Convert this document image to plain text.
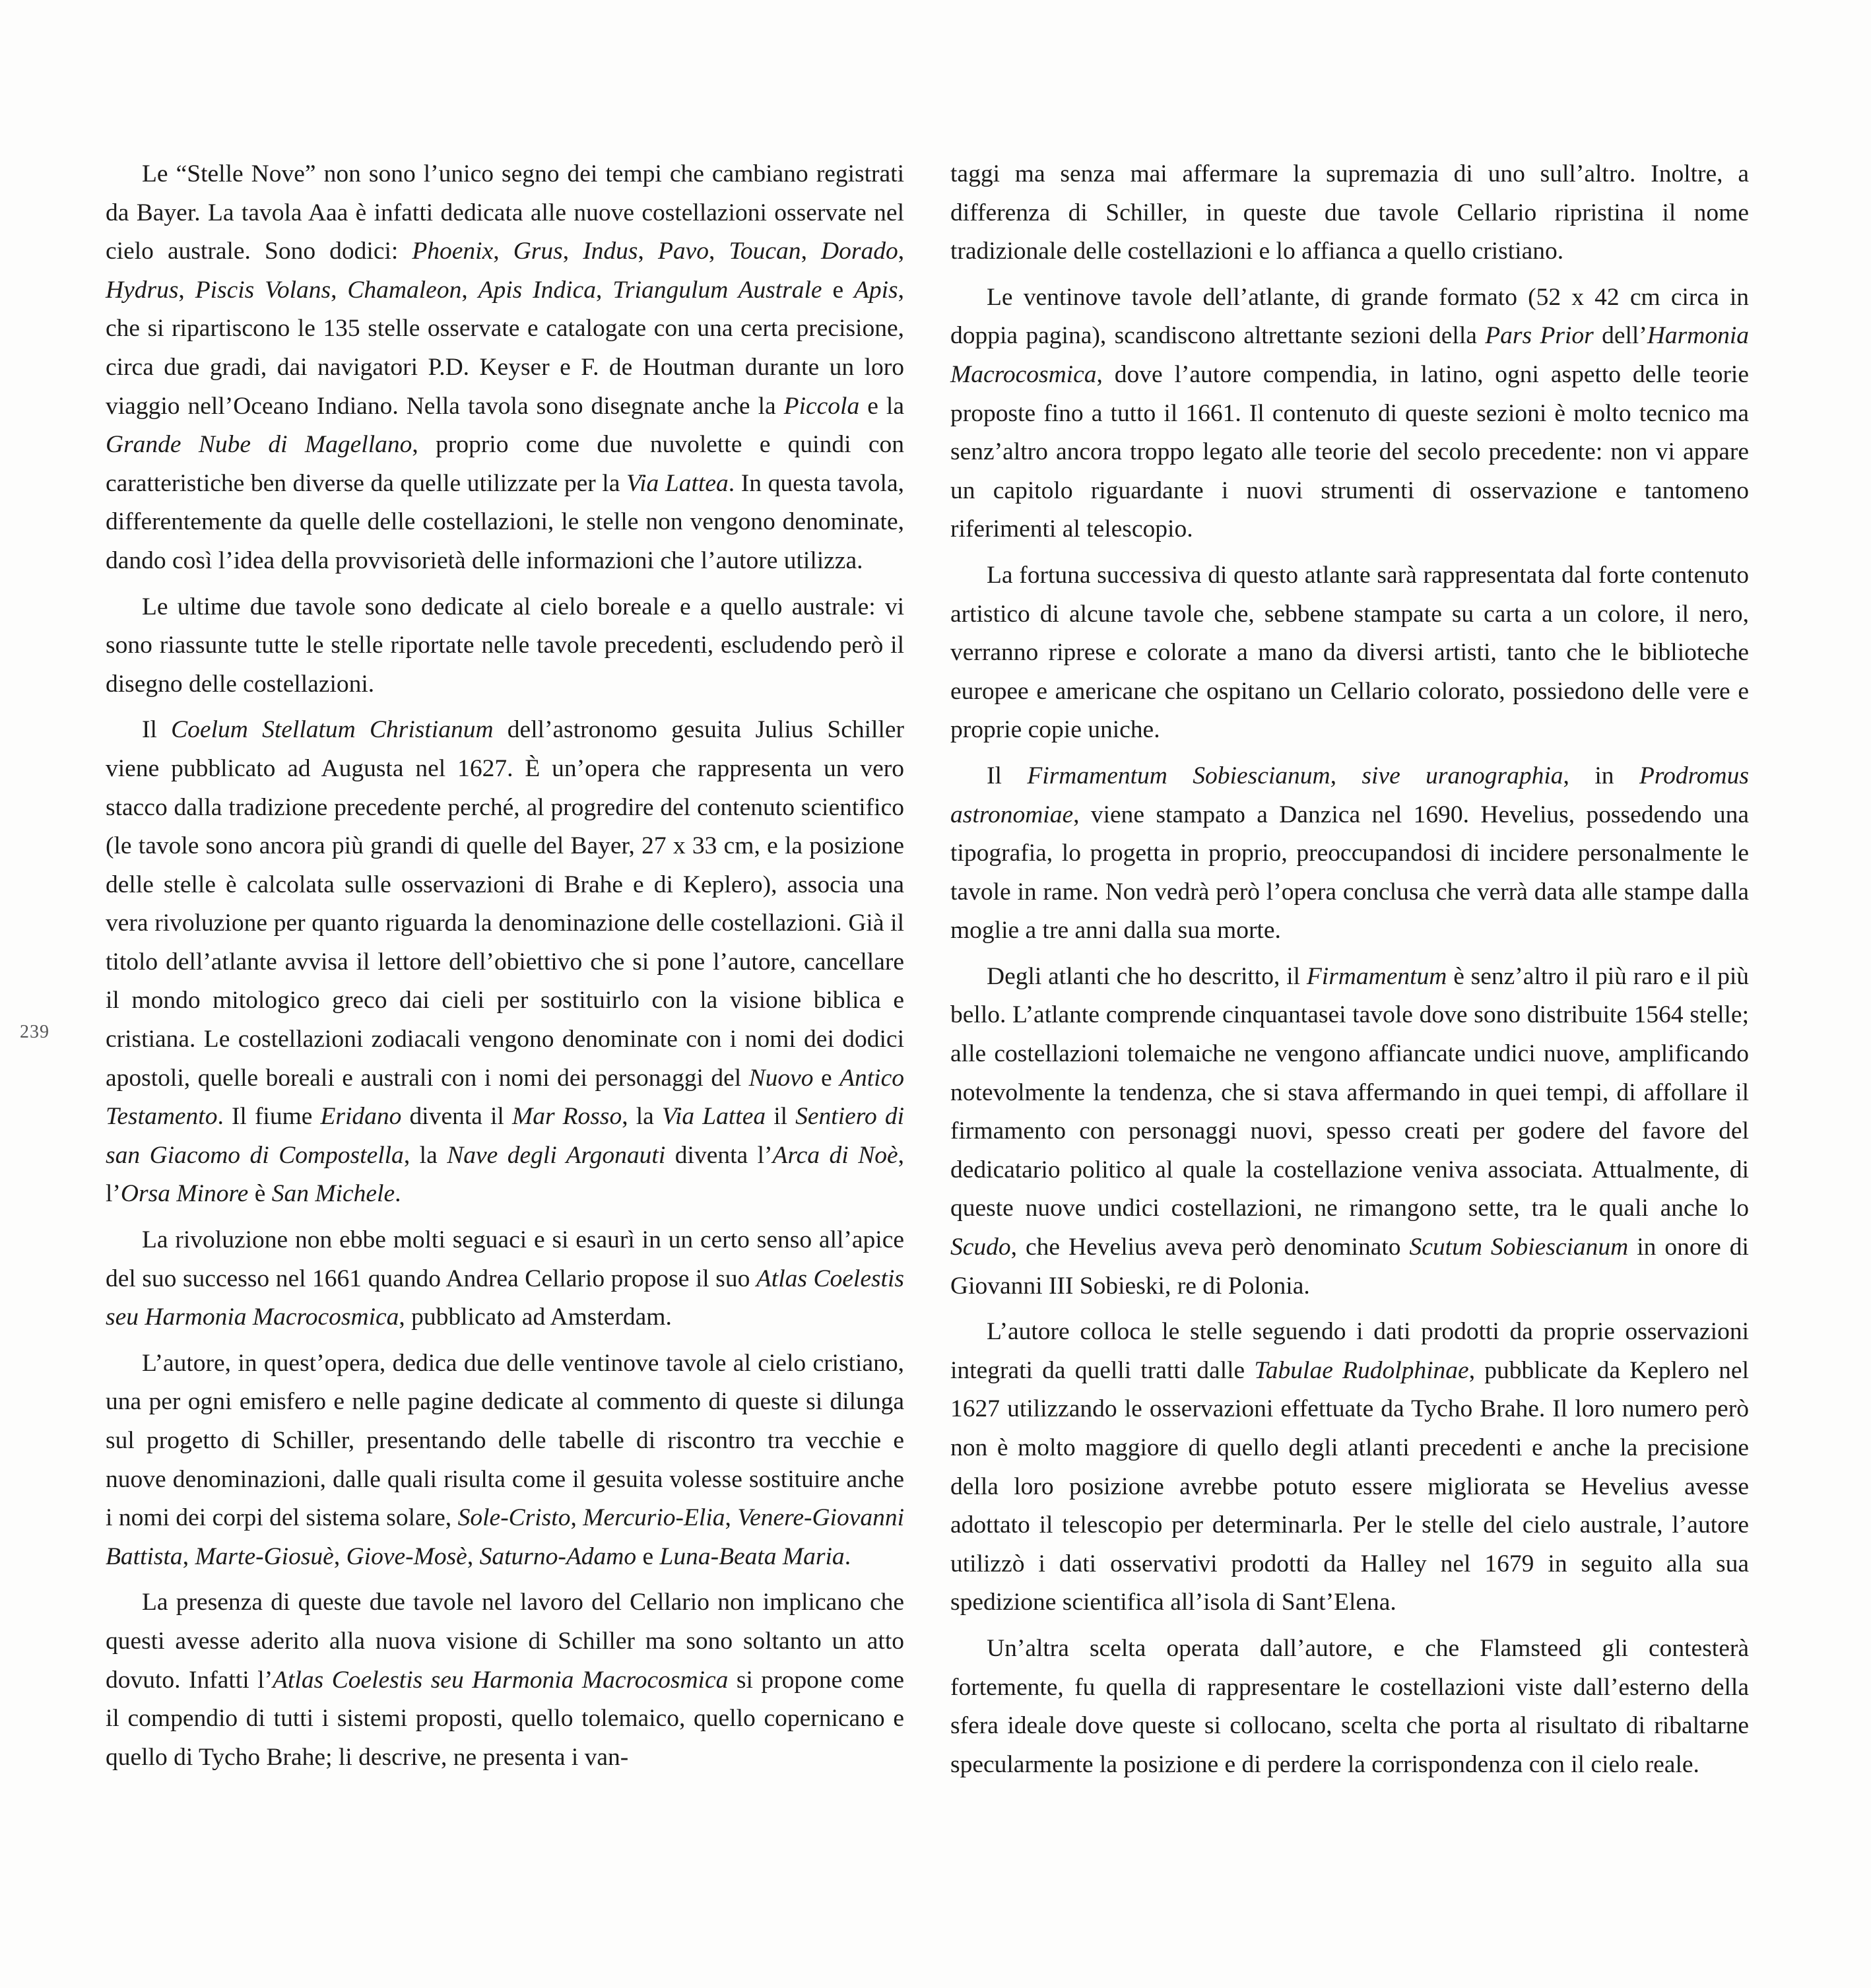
239

Le “Stelle Nove” non sono l’unico segno dei tempi che cambiano registrati da Bayer. La tavola Aaa è infatti dedicata alle nuove costellazioni osservate nel cielo australe. Sono dodici: Phoenix, Grus, Indus, Pavo, Toucan, Dorado, Hydrus, Piscis Volans, Chamaleon, Apis Indica, Triangulum Australe e Apis, che si ripartiscono le 135 stelle osservate e catalogate con una certa precisione, circa due gradi, dai navigatori P.D. Keyser e F. de Houtman durante un loro viaggio nell’Oceano Indiano. Nella tavola sono disegnate anche la Piccola e la Grande Nube di Magellano, proprio come due nuvolette e quindi con caratteristiche ben diverse da quelle utilizzate per la Via Lattea. In questa tavola, differentemente da quelle delle costellazioni, le stelle non vengono denominate, dando così l’idea della provvisorietà delle informazioni che l’autore utilizza.

Le ultime due tavole sono dedicate al cielo boreale e a quello australe: vi sono riassunte tutte le stelle riportate nelle tavole precedenti, escludendo però il disegno delle costellazioni.

Il Coelum Stellatum Christianum dell’astronomo gesuita Julius Schiller viene pubblicato ad Augusta nel 1627. È un’opera che rappresenta un vero stacco dalla tradizione precedente perché, al progredire del contenuto scientifico (le tavole sono ancora più grandi di quelle del Bayer, 27 x 33 cm, e la posizione delle stelle è calcolata sulle osservazioni di Brahe e di Keplero), associa una vera rivoluzione per quanto riguarda la denominazione delle costellazioni. Già il titolo dell’atlante avvisa il lettore dell’obiettivo che si pone l’autore, cancellare il mondo mitologico greco dai cieli per sostituirlo con la visione biblica e cristiana. Le costellazioni zodiacali vengono denominate con i nomi dei dodici apostoli, quelle boreali e australi con i nomi dei personaggi del Nuovo e Antico Testamento. Il fiume Eridano diventa il Mar Rosso, la Via Lattea il Sentiero di san Giacomo di Compostella, la Nave degli Argonauti diventa l’Arca di Noè, l’Orsa Minore è San Michele.

La rivoluzione non ebbe molti seguaci e si esaurì in un certo senso all’apice del suo successo nel 1661 quando Andrea Cellario propose il suo Atlas Coelestis seu Harmonia Macrocosmica, pubblicato ad Amsterdam.

L’autore, in quest’opera, dedica due delle ventinove tavole al cielo cristiano, una per ogni emisfero e nelle pagine dedicate al commento di queste si dilunga sul progetto di Schiller, presentando delle tabelle di riscontro tra vecchie e nuove denominazioni, dalle quali risulta come il gesuita volesse sostituire anche i nomi dei corpi del sistema solare, Sole-Cristo, Mercurio-Elia, Venere-Giovanni Battista, Marte-Giosuè, Giove-Mosè, Saturno-Adamo e Luna-Beata Maria.

La presenza di queste due tavole nel lavoro del Cellario non implicano che questi avesse aderito alla nuova visione di Schiller ma sono soltanto un atto dovuto. Infatti l’Atlas Coelestis seu Harmonia Macrocosmica si propone come il compendio di tutti i sistemi proposti, quello tolemaico, quello copernicano e quello di Tycho Brahe; li descrive, ne presenta i van-

taggi ma senza mai affermare la supremazia di uno sull’altro. Inoltre, a differenza di Schiller, in queste due tavole Cellario ripristina il nome tradizionale delle costellazioni e lo affianca a quello cristiano.

Le ventinove tavole dell’atlante, di grande formato (52 x 42 cm circa in doppia pagina), scandiscono altrettante sezioni della Pars Prior dell’Harmonia Macrocosmica, dove l’autore compendia, in latino, ogni aspetto delle teorie proposte fino a tutto il 1661. Il contenuto di queste sezioni è molto tecnico ma senz’altro ancora troppo legato alle teorie del secolo precedente: non vi appare un capitolo riguardante i nuovi strumenti di osservazione e tantomeno riferimenti al telescopio.

La fortuna successiva di questo atlante sarà rappresentata dal forte contenuto artistico di alcune tavole che, sebbene stampate su carta a un colore, il nero, verranno riprese e colorate a mano da diversi artisti, tanto che le biblioteche europee e americane che ospitano un Cellario colorato, possiedono delle vere e proprie copie uniche.

Il Firmamentum Sobiescianum, sive uranographia, in Prodromus astronomiae, viene stampato a Danzica nel 1690. Hevelius, possedendo una tipografia, lo progetta in proprio, preoccupandosi di incidere personalmente le tavole in rame. Non vedrà però l’opera conclusa che verrà data alle stampe dalla moglie a tre anni dalla sua morte.

Degli atlanti che ho descritto, il Firmamentum è senz’altro il più raro e il più bello. L’atlante comprende cinquantasei tavole dove sono distribuite 1564 stelle; alle costellazioni tolemaiche ne vengono affiancate undici nuove, amplificando notevolmente la tendenza, che si stava affermando in quei tempi, di affollare il firmamento con personaggi nuovi, spesso creati per godere del favore del dedicatario politico al quale la costellazione veniva associata. Attualmente, di queste nuove undici costellazioni, ne rimangono sette, tra le quali anche lo Scudo, che Hevelius aveva però denominato Scutum Sobiescianum in onore di Giovanni III Sobieski, re di Polonia.

L’autore colloca le stelle seguendo i dati prodotti da proprie osservazioni integrati da quelli tratti dalle Tabulae Rudolphinae, pubblicate da Keplero nel 1627 utilizzando le osservazioni effettuate da Tycho Brahe. Il loro numero però non è molto maggiore di quello degli atlanti precedenti e anche la precisione della loro posizione avrebbe potuto essere migliorata se Hevelius avesse adottato il telescopio per determinarla. Per le stelle del cielo australe, l’autore utilizzò i dati osservativi prodotti da Halley nel 1679 in seguito alla sua spedizione scientifica all’isola di Sant’Elena.

Un’altra scelta operata dall’autore, e che Flamsteed gli contesterà fortemente, fu quella di rappresentare le costellazioni viste dall’esterno della sfera ideale dove queste si collocano, scelta che porta al risultato di ribaltarne specularmente la posizione e di perdere la corrispondenza con il cielo reale.
